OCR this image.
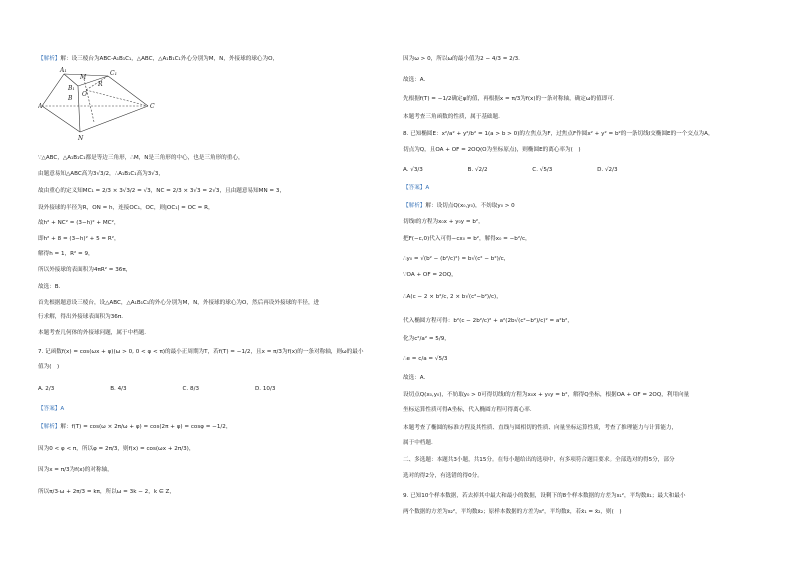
A₁	C₁
B₁
M
B
O
R
A	C
N
【解析】解：设三棱台为ABC-A₁B₁C₁，△ABC，△A₁B₁C₁外心分别为M，N，外接球的球心为O，
∵△ABC，△A₁B₁C₁都是等边三角形，∴M，N是三角形的中心，也是三角形的重心，
由题意易知△ABC高为3√3/2，∴A₁B₁C₁高为3√3，
故由重心的定义知MC₁ = 2/3 × 3√3/2 = √3，NC = 2/3 × 3√3 = 2√3，且由题意易知MN = 3，
设外接球的半径为R，ON = h，连接OC₁，OC，则|OC₁| = OC = R，
故h² + NC² = (3−h)² + MC²，
即h² + 8 = (3−h)² + 5 = R²，
解得h = 1，R² = 9，
所以外接球的表面积为4πR² = 36π，
故选：B.
首先根据题意设三棱台，设△ABC，△A₁B₁C₁的外心分别为M，N，外接球的球心为O，然后再设外接球的半径，进
行求解，得出外接球表面积为36π.
本题考查几何体的外接球问题，属于中档题.
7. 记函数f(x) = cos(ωx + φ)(ω > 0, 0 < φ < π)的最小正周期为T，若f(T) = −1/2，且x = π/3为f(x)的一条对称轴，则ω的最小
值为(　)
A. 2/3　　　　　　　　　　B. 4/3　　　　　　　　　　C. 8/3　　　　　　　　　　D. 10/3
【答案】A
【解析】解：f(T) = cos(ω × 2π/ω + φ) = cos(2π + φ) = cosφ = −1/2，
因为0 < φ < π，所以φ = 2π/3，则f(x) = cos(ωx + 2π/3)，
因为x = π/3为f(x)的对称轴，
所以π/3·ω + 2π/3 = kπ，所以ω = 3k − 2，k ∈ Z，
因为ω > 0，所以ω的最小值为2 − 4/3 = 2/3.
故选：A.
先根据f(T) = −1/2确定φ的值，再根据x = π/3为f(x)的一条对称轴，确定ω的值即可.
本题考查三角函数的性质，属于基础题.
8. 已知椭圆E：x²/a² + y²/b² = 1(a > b > 0)的左焦点为F，过焦点F作圆x² + y² = b²的一条切线l交椭圆E的一个交点为A，
切点为Q，且OA + OF = 2OQ(O为坐标原点)，则椭圆E的离心率为(　)
A. √3/3　　　　　　　　B. √2/2　　　　　　　　C. √5/3　　　　　　　　D. √2/3
【答案】A
【解析】解：设切点Q(x₀,y₀)，不妨取y₀ > 0
切线l的方程为x₀x + y₀y = b²，
把F(−c,0)代入可得−cx₀ = b²，解得x₀ = −b²/c，
∴y₀ = √(b² − (b²/c)²) = b√(c² − b²)/c，
∵OA + OF = 2OQ，
∴A(c − 2 × b²/c, 2 × b√(c²−b²)/c)，
代入椭圆方程可得：b²(c − 2b²/c)² + a²(2b√(c²−b²)/c)² = a²b²，
化为c²/a² = 5/9，
∴e = c/a = √5/3
故选：A.
设切点Q(x₀,y₀)，不妨取y₀ > 0可得切线l的方程为x₀x + y₀y = b²，解得Q坐标，根据OA + OF = 2OQ，利用向量
坐标运算性质可得A坐标，代入椭圆方程可得离心率.
本题考查了椭圆的标准方程及其性质、直线与圆相切的性质、向量坐标运算性质，考查了推理能力与计算能力，
属于中档题.
二、多选题：本题共3小题，共15分。在每小题给出的选项中，有多项符合题目要求。全部选对的得5分，部分
选对的得2分，有选错的得0分。
9. 已知10个样本数据，若去掉其中最大和最小的数据，设剩下的8个样本数据的方差为s₁²，平均数x̄₁；最大和最小
两个数据的方差为s₂²，平均数x̄₂；原样本数据的方差为s²，平均数x̄，若x̄₁ = x̄₂，则(　)
